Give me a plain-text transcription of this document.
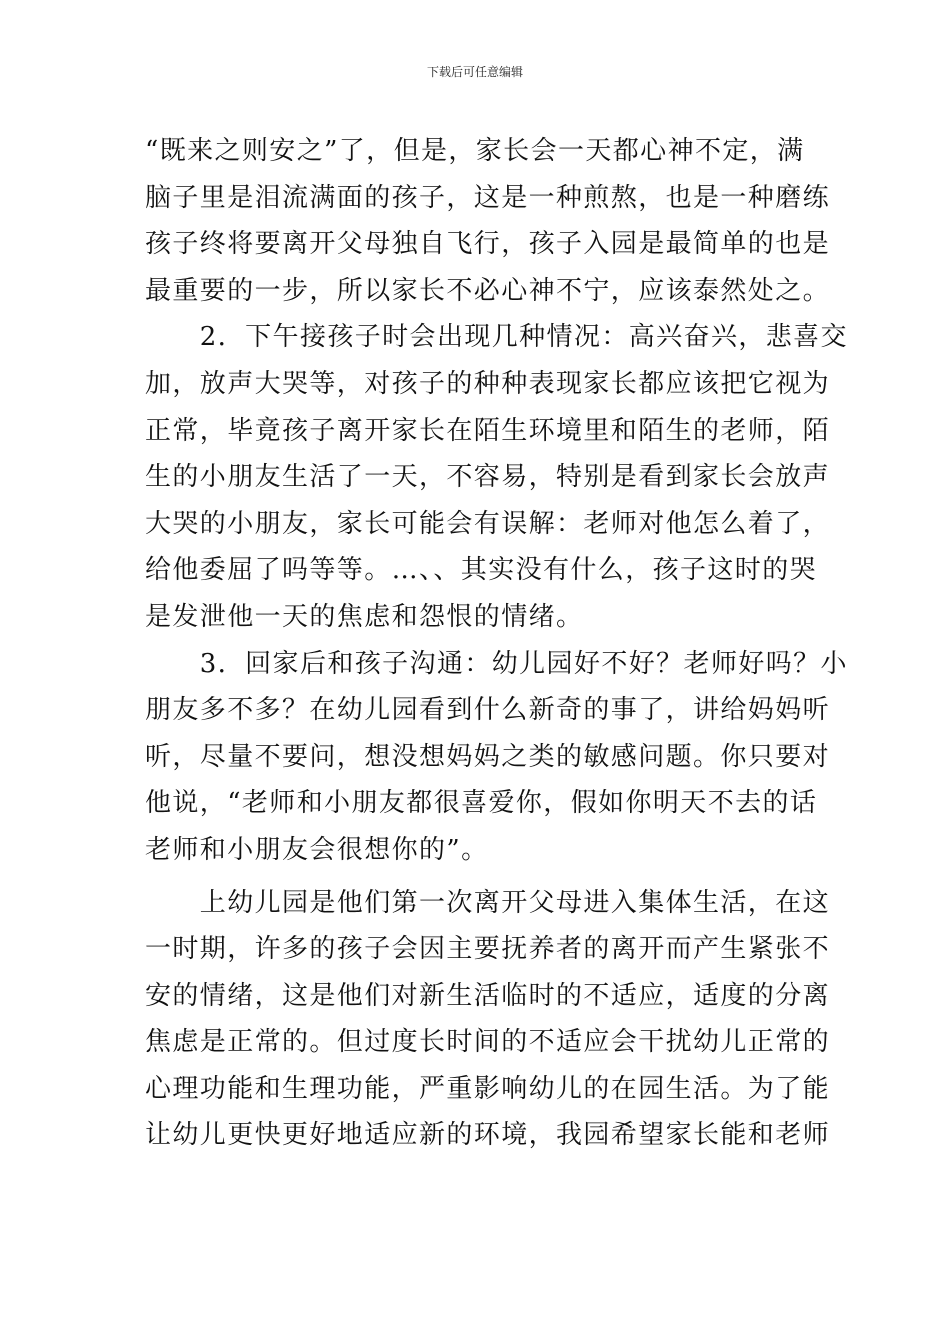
下载后可任意编辑
“既来之则安之”了，但是，家长会一天都心神不定，满
脑子里是泪流满面的孩子，这是一种煎熬，也是一种磨练
孩子终将要离开父母独自飞行，孩子入园是最简单的也是
最重要的一步，所以家长不必心神不宁，应该泰然处之。
　　2．下午接孩子时会出现几种情况：高兴奋兴，悲喜交
加，放声大哭等，对孩子的种种表现家长都应该把它视为
正常，毕竟孩子离开家长在陌生环境里和陌生的老师，陌
生的小朋友生活了一天，不容易，特别是看到家长会放声
大哭的小朋友，家长可能会有误解：老师对他怎么着了，
给他委屈了吗等等。…、、其实没有什么，孩子这时的哭
是发泄他一天的焦虑和怨恨的情绪。
　　3．回家后和孩子沟通：幼儿园好不好？老师好吗？小
朋友多不多？在幼儿园看到什么新奇的事了，讲给妈妈听
听，尽量不要问，想没想妈妈之类的敏感问题。你只要对
他说，“老师和小朋友都很喜爱你，假如你明天不去的话
老师和小朋友会很想你的”。
　　上幼儿园是他们第一次离开父母进入集体生活，在这
一时期，许多的孩子会因主要抚养者的离开而产生紧张不
安的情绪，这是他们对新生活临时的不适应，适度的分离
焦虑是正常的。但过度长时间的不适应会干扰幼儿正常的
心理功能和生理功能，严重影响幼儿的在园生活。为了能
让幼儿更快更好地适应新的环境，我园希望家长能和老师
